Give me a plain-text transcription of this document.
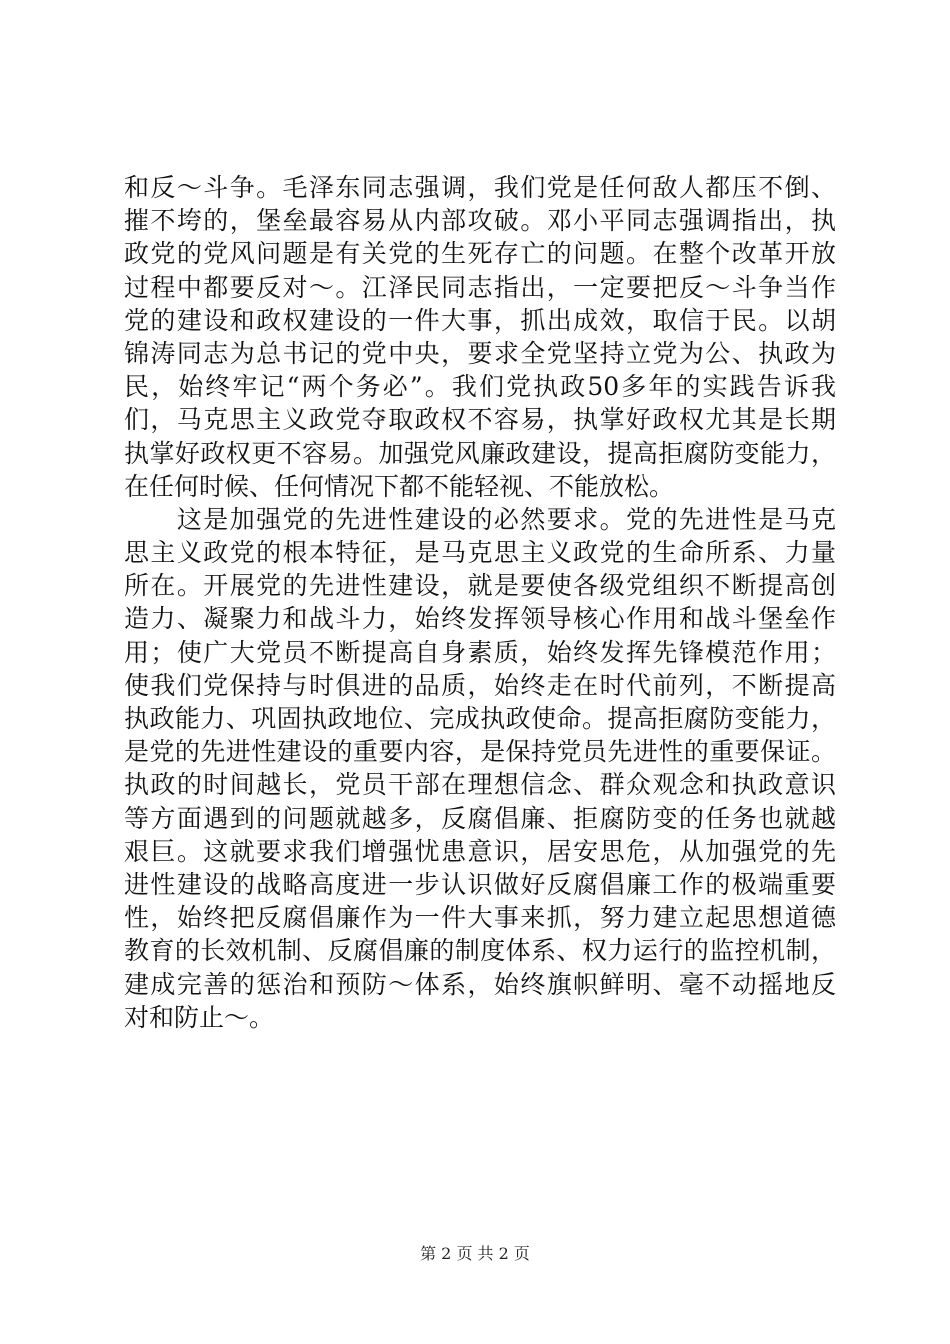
和反～斗争。毛泽东同志强调，我们党是任何敌人都压不倒、
摧不垮的，堡垒最容易从内部攻破。邓小平同志强调指出，执
政党的党风问题是有关党的生死存亡的问题。在整个改革开放
过程中都要反对～。江泽民同志指出，一定要把反～斗争当作
党的建设和政权建设的一件大事，抓出成效，取信于民。以胡
锦涛同志为总书记的党中央，要求全党坚持立党为公、执政为
民，始终牢记“两个务必”。我们党执政50多年的实践告诉我
们，马克思主义政党夺取政权不容易，执掌好政权尤其是长期
执掌好政权更不容易。加强党风廉政建设，提高拒腐防变能力，
在任何时候、任何情况下都不能轻视、不能放松。
　　这是加强党的先进性建设的必然要求。党的先进性是马克
思主义政党的根本特征，是马克思主义政党的生命所系、力量
所在。开展党的先进性建设，就是要使各级党组织不断提高创
造力、凝聚力和战斗力，始终发挥领导核心作用和战斗堡垒作
用；使广大党员不断提高自身素质，始终发挥先锋模范作用；
使我们党保持与时俱进的品质，始终走在时代前列，不断提高
执政能力、巩固执政地位、完成执政使命。提高拒腐防变能力，
是党的先进性建设的重要内容，是保持党员先进性的重要保证。
执政的时间越长，党员干部在理想信念、群众观念和执政意识
等方面遇到的问题就越多，反腐倡廉、拒腐防变的任务也就越
艰巨。这就要求我们增强忧患意识，居安思危，从加强党的先
进性建设的战略高度进一步认识做好反腐倡廉工作的极端重要
性，始终把反腐倡廉作为一件大事来抓，努力建立起思想道德
教育的长效机制、反腐倡廉的制度体系、权力运行的监控机制，
建成完善的惩治和预防～体系，始终旗帜鲜明、毫不动摇地反
对和防止～。
第 2 页 共 2 页
